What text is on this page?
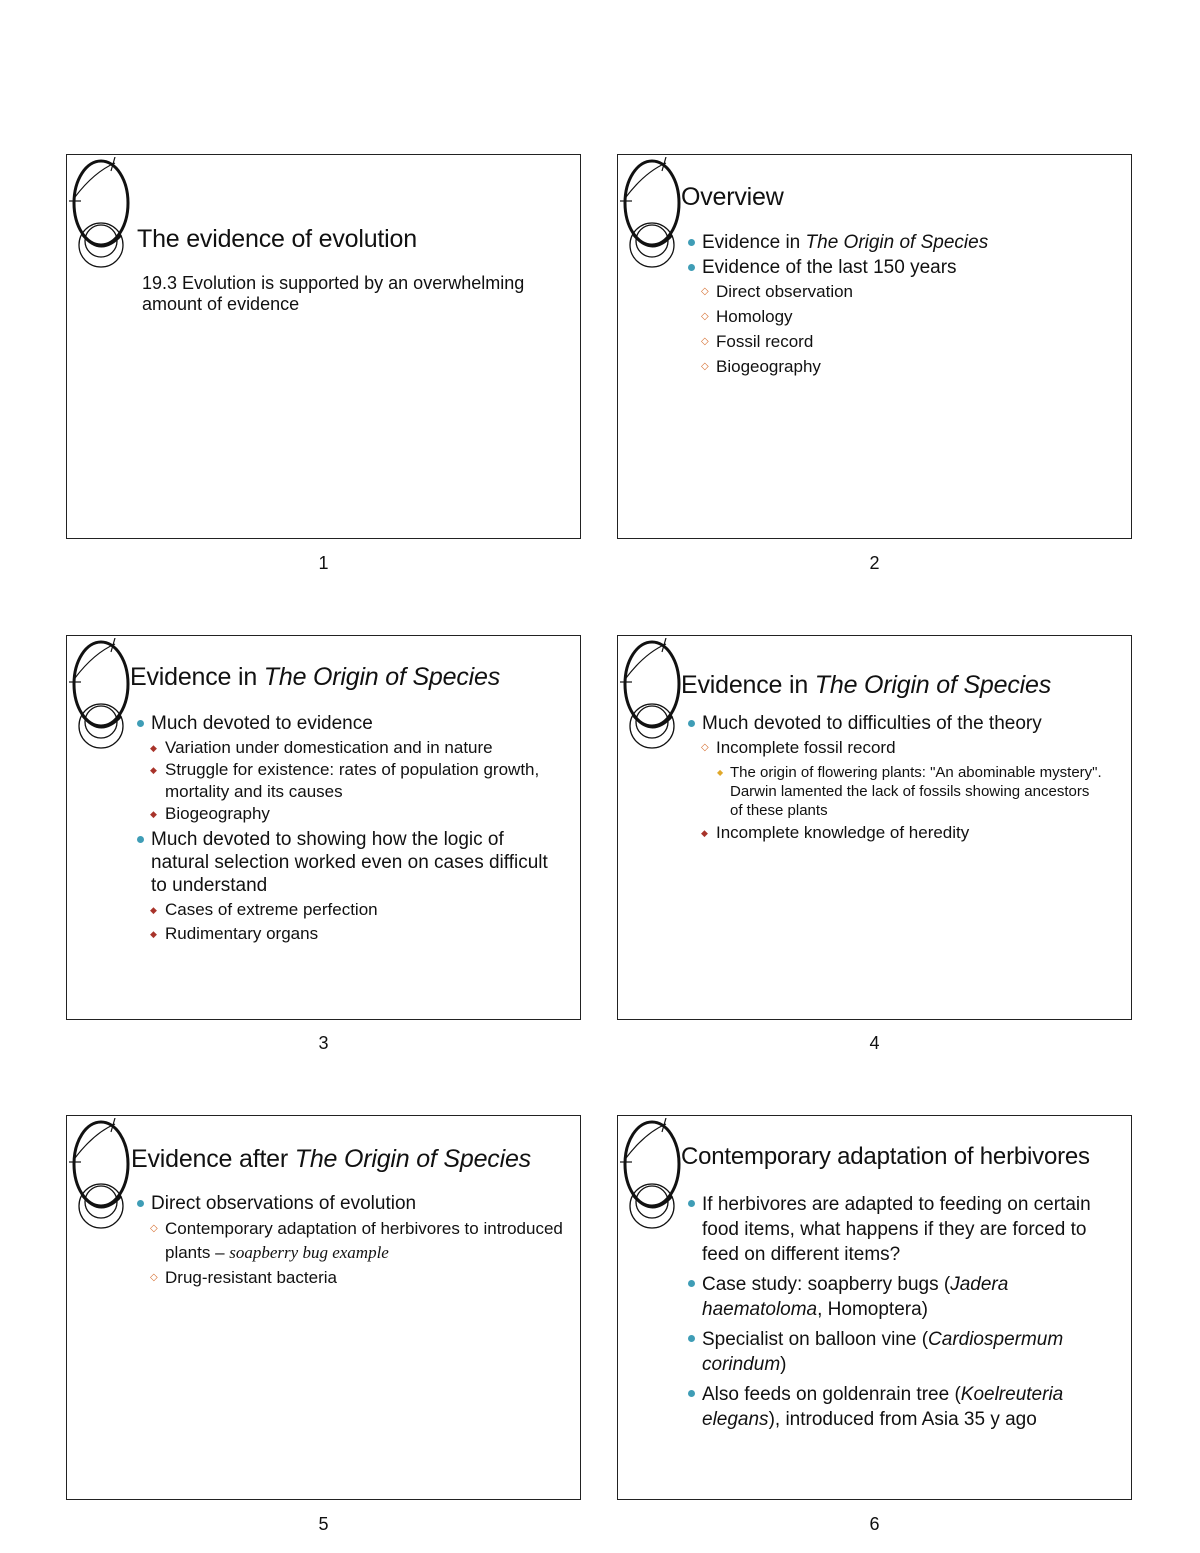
The evidence of evolution
19.3 Evolution is supported by an overwhelming amount of evidence
1
Overview
Evidence in The Origin of Species
Evidence of the last 150 years
◇ Direct observation
◇ Homology
◇ Fossil record
◇ Biogeography
2
Evidence in The Origin of Species
Much devoted to evidence
◆ Variation under domestication and in nature
◆ Struggle for existence: rates of population growth, mortality and its causes
◆ Biogeography
Much devoted to showing how the logic of natural selection worked even on cases difficult to understand
◆ Cases of extreme perfection
◆ Rudimentary organs
3
Evidence in The Origin of Species
Much devoted to difficulties of the theory
◇ Incomplete fossil record
◆ The origin of flowering plants: "An abominable mystery". Darwin lamented the lack of fossils showing ancestors of these plants
◆ Incomplete knowledge of heredity
4
Evidence after The Origin of Species
Direct observations of evolution
◇ Contemporary adaptation of herbivores to introduced plants – soapberry bug example
◇ Drug-resistant bacteria
5
Contemporary adaptation of herbivores
If herbivores are adapted to feeding on certain food items, what happens if they are forced to feed on different items?
Case study: soapberry bugs (Jadera haematoloma, Homoptera)
Specialist on balloon vine (Cardiospermum corindum)
Also feeds on goldenrain tree (Koelreuteria elegans), introduced from Asia 35 y ago
6
